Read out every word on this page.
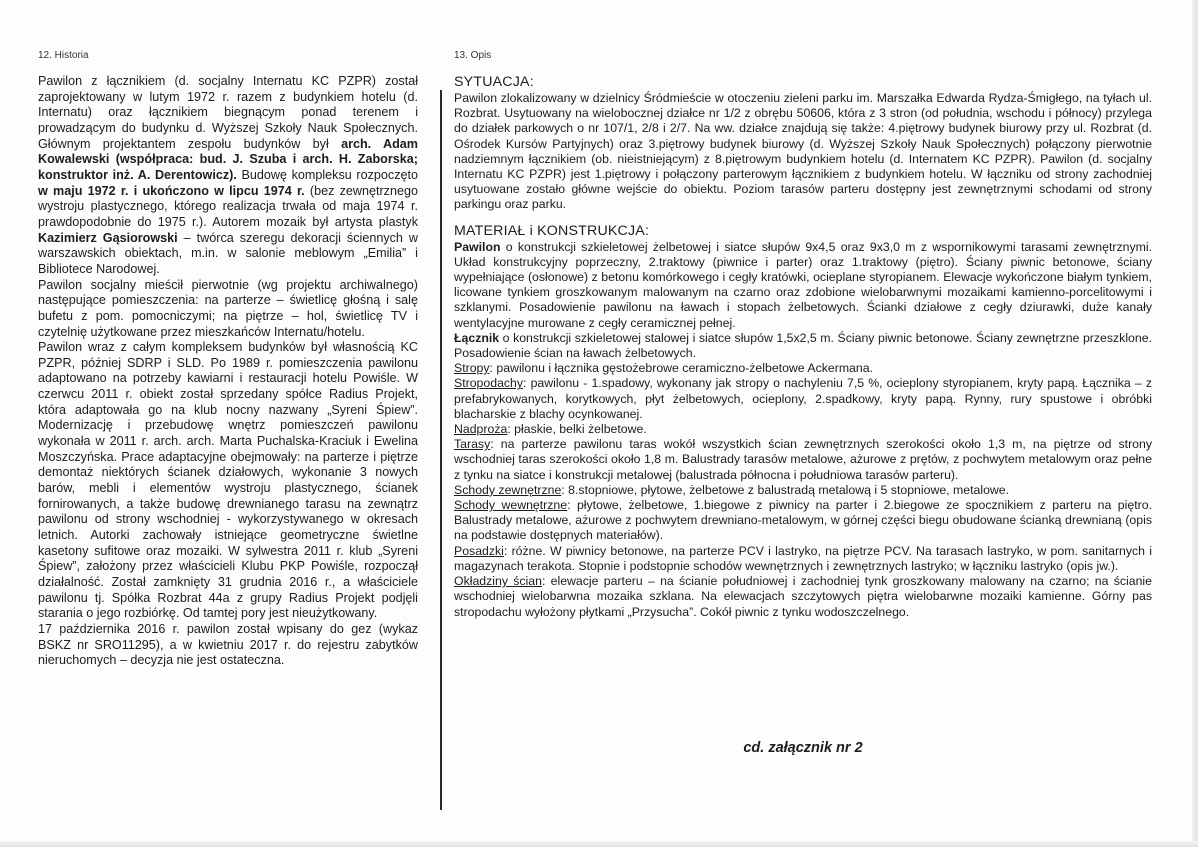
12. Historia	13. Opis

Pawilon z łącznikiem (d. socjalny Internatu KC PZPR) został zaprojektowany w lutym 1972 r. razem z budynkiem hotelu (d. Internatu) oraz łącznikiem biegnącym ponad terenem i prowadzącym do budynku d. Wyższej Szkoły Nauk Społecznych. Głównym projektantem zespołu budynków był arch. Adam Kowalewski (współpraca: bud. J. Szuba i arch. H. Zaborska; konstruktor inż. A. Derentowicz). Budowę kompleksu rozpoczęto w maju 1972 r. i ukończono w lipcu 1974 r. (bez zewnętrznego wystroju plastycznego, którego realizacja trwała od maja 1974 r. prawdopodobnie do 1975 r.). Autorem mozaik był artysta plastyk Kazimierz Gąsiorowski – twórca szeregu dekoracji ściennych w warszawskich obiektach, m.in. w salonie meblowym „Emilia” i Bibliotece Narodowej.

Pawilon socjalny mieścił pierwotnie (wg projektu archiwalnego) następujące pomieszczenia: na parterze – świetlicę głośną i salę bufetu z pom. pomocniczymi; na piętrze – hol, świetlicę TV i czytelnię użytkowane przez mieszkańców Internatu/hotelu.

Pawilon wraz z całym kompleksem budynków był własnością KC PZPR, później SDRP i SLD. Po 1989 r. pomieszczenia pawilonu adaptowano na potrzeby kawiarni i restauracji hotelu Powiśle. W czerwcu 2011 r. obiekt został sprzedany spółce Radius Projekt, która adaptowała go na klub nocny nazwany „Syreni Śpiew”. Modernizację i przebudowę wnętrz pomieszczeń pawilonu wykonała w 2011 r. arch. arch. Marta Puchalska-Kraciuk i Ewelina Moszczyńska. Prace adaptacyjne obejmowały: na parterze i piętrze demontaż niektórych ścianek działowych, wykonanie 3 nowych barów, mebli i elementów wystroju plastycznego, ścianek fornirowanych, a także budowę drewnianego tarasu na zewnątrz pawilonu od strony wschodniej - wykorzystywanego w okresach letnich. Autorki zachowały istniejące geometryczne świetlne kasetony sufitowe oraz mozaiki. W sylwestra 2011 r. klub „Syreni Śpiew”, założony przez właścicieli Klubu PKP Powiśle, rozpoczął działalność. Został zamknięty 31 grudnia 2016 r., a właściciele pawilonu tj. Spółka Rozbrat 44a z grupy Radius Projekt podjęli starania o jego rozbiórkę. Od tamtej pory jest nieużytkowany.

17 października 2016 r. pawilon został wpisany do gez (wykaz BSKZ nr SRO11295), a w kwietniu 2017 r. do rejestru zabytków nieruchomych – decyzja nie jest ostateczna.

SYTUACJA:

Pawilon zlokalizowany w dzielnicy Śródmieście w otoczeniu zieleni parku im. Marszałka Edwarda Rydza-Śmigłego, na tyłach ul. Rozbrat. Usytuowany na wielobocznej działce nr 1/2 z obrębu 50606, która z 3 stron (od południa, wschodu i północy) przylega do działek parkowych o nr 107/1, 2/8 i 2/7. Na ww. działce znajdują się także: 4.piętrowy budynek biurowy przy ul. Rozbrat (d. Ośrodek Kursów Partyjnych) oraz 3.piętrowy budynek biurowy (d. Wyższej Szkoły Nauk Społecznych) połączony pierwotnie nadziemnym łącznikiem (ob. nieistniejącym) z 8.piętrowym budynkiem hotelu (d. Internatem KC PZPR). Pawilon (d. socjalny Internatu KC PZPR) jest 1.piętrowy i połączony parterowym łącznikiem z budynkiem hotelu. W łączniku od strony zachodniej usytuowane zostało główne wejście do obiektu. Poziom tarasów parteru dostępny jest zewnętrznymi schodami od strony parkingu oraz parku.

MATERIAŁ i KONSTRUKCJA:

Pawilon o konstrukcji szkieletowej żelbetowej i siatce słupów 9x4,5 oraz 9x3,0 m z wspornikowymi tarasami zewnętrznymi. Układ konstrukcyjny poprzeczny, 2.traktowy (piwnice i parter) oraz 1.traktowy (piętro). Ściany piwnic betonowe, ściany wypełniające (osłonowe) z betonu komórkowego i cegły kratówki, ocieplane styropianem. Elewacje wykończone białym tynkiem, licowane tynkiem groszkowanym malowanym na czarno oraz zdobione wielobarwnymi mozaikami kamienno-porcelitowymi i szklanymi. Posadowienie pawilonu na ławach i stopach żelbetowych. Ścianki działowe z cegły dziurawki, duże kanały wentylacyjne murowane z cegły ceramicznej pełnej.

Łącznik o konstrukcji szkieletowej stalowej i siatce słupów 1,5x2,5 m. Ściany piwnic betonowe. Ściany zewnętrzne przeszklone. Posadowienie ścian na ławach żelbetowych.

Stropy: pawilonu i łącznika gęstożebrowe ceramiczno-żelbetowe Ackermana.

Stropodachy: pawilonu - 1.spadowy, wykonany jak stropy o nachyleniu 7,5 %, ocieplony styropianem, kryty papą. Łącznika – z prefabrykowanych, korytkowych, płyt żelbetowych, ocieplony, 2.spadkowy, kryty papą. Rynny, rury spustowe i obróbki blacharskie z blachy ocynkowanej.

Nadproża: płaskie, belki żelbetowe.

Tarasy: na parterze pawilonu taras wokół wszystkich ścian zewnętrznych szerokości około 1,3 m, na piętrze od strony wschodniej taras szerokości około 1,8 m. Balustrady tarasów metalowe, ażurowe z prętów, z pochwytem metalowym oraz pełne z tynku na siatce i konstrukcji metalowej (balustrada północna i południowa tarasów parteru).

Schody zewnętrzne: 8.stopniowe, płytowe, żelbetowe z balustradą metalową i 5 stopniowe, metalowe.

Schody wewnętrzne: płytowe, żelbetowe, 1.biegowe z piwnicy na parter i 2.biegowe ze spocznikiem z parteru na piętro. Balustrady metalowe, ażurowe z pochwytem drewniano-metalowym, w górnej części biegu obudowane ścianką drewnianą (opis na podstawie dostępnych materiałów).

Posadzki: różne. W piwnicy betonowe, na parterze PCV i lastryko, na piętrze PCV. Na tarasach lastryko, w pom. sanitarnych i magazynach terakota. Stopnie i podstopnie schodów wewnętrznych i zewnętrznych lastryko; w łączniku lastryko (opis jw.).

Okładziny ścian: elewacje parteru – na ścianie południowej i zachodniej tynk groszkowany malowany na czarno; na ścianie wschodniej wielobarwna mozaika szklana. Na elewacjach szczytowych piętra wielobarwne mozaiki kamienne. Górny pas stropodachu wyłożony płytkami „Przysucha”. Cokół piwnic z tynku wodoszczelnego.

cd. załącznik nr 2
